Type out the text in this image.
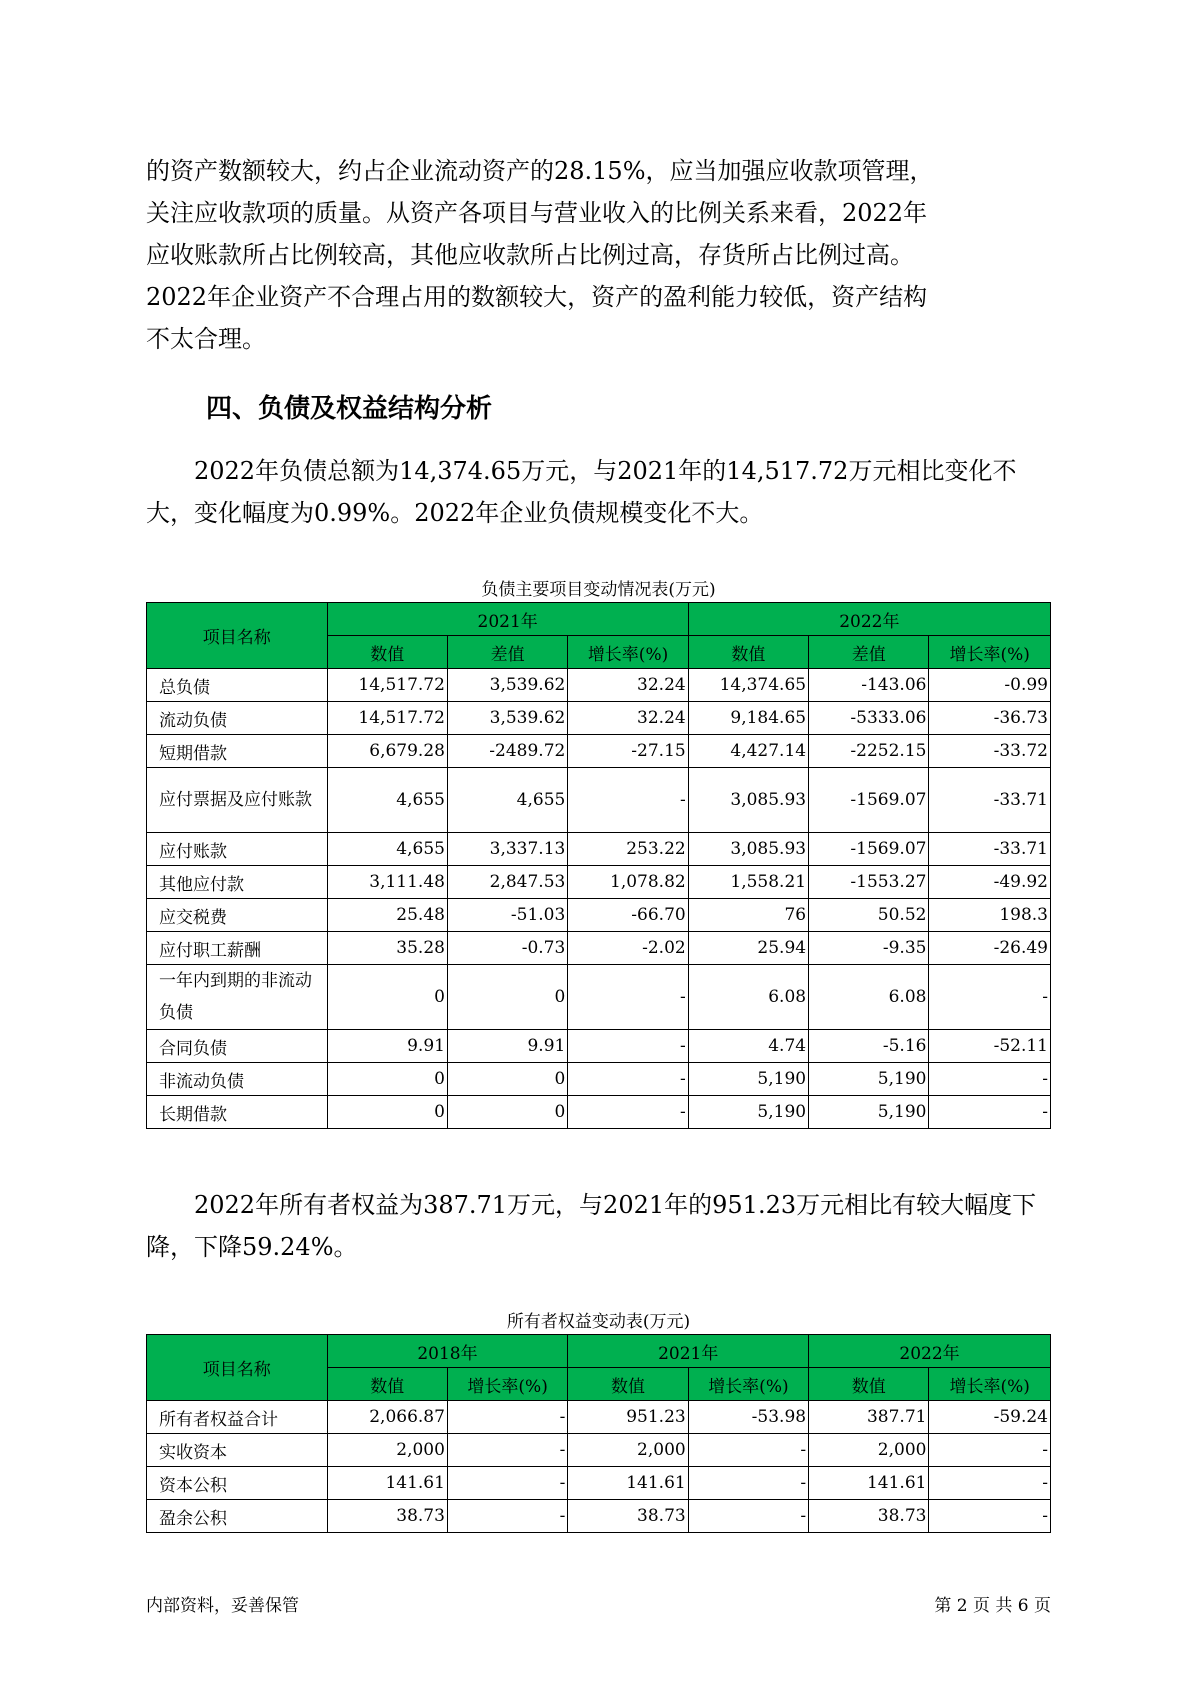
的资产数额较大，约占企业流动资产的28.15%，应当加强应收款项管理，

关注应收款项的质量。从资产各项目与营业收入的比例关系来看，2022年

应收账款所占比例较高，其他应收款所占比例过高，存货所占比例过高。

2022年企业资产不合理占用的数额较大，资产的盈利能力较低，资产结构

不太合理。

四、负债及权益结构分析

2022年负债总额为14,374.65万元，与2021年的14,517.72万元相比变化不大，变化幅度为0.99%。2022年企业负债规模变化不大。

负债主要项目变动情况表(万元)
项目名称	2021年			2022年		
	数值	差值	增长率(%)	数值	差值	增长率(%)
总负债	14,517.72	3,539.62	32.24	14,374.65	-143.06	-0.99
流动负债	14,517.72	3,539.62	32.24	9,184.65	-5333.06	-36.73
短期借款	6,679.28	-2489.72	-27.15	4,427.14	-2252.15	-33.72
应付票据及应付账款	4,655	4,655	-	3,085.93	-1569.07	-33.71
应付账款	4,655	3,337.13	253.22	3,085.93	-1569.07	-33.71
其他应付款	3,111.48	2,847.53	1,078.82	1,558.21	-1553.27	-49.92
应交税费	25.48	-51.03	-66.70	76	50.52	198.3
应付职工薪酬	35.28	-0.73	-2.02	25.94	-9.35	-26.49
一年内到期的非流动负债	0	0	-	6.08	6.08	-
合同负债	9.91	9.91	-	4.74	-5.16	-52.11
非流动负债	0	0	-	5,190	5,190	-
长期借款	0	0	-	5,190	5,190	-

2022年所有者权益为387.71万元，与2021年的951.23万元相比有较大幅度下降，下降59.24%。

所有者权益变动表(万元)
项目名称	2018年		2021年		2022年	
	数值	增长率(%)	数值	增长率(%)	数值	增长率(%)
所有者权益合计	2,066.87	-	951.23	-53.98	387.71	-59.24
实收资本	2,000	-	2,000	-	2,000	-
资本公积	141.61	-	141.61	-	141.61	-
盈余公积	38.73	-	38.73	-	38.73	-
内部资料，妥善保管	第 2 页 共 6 页
